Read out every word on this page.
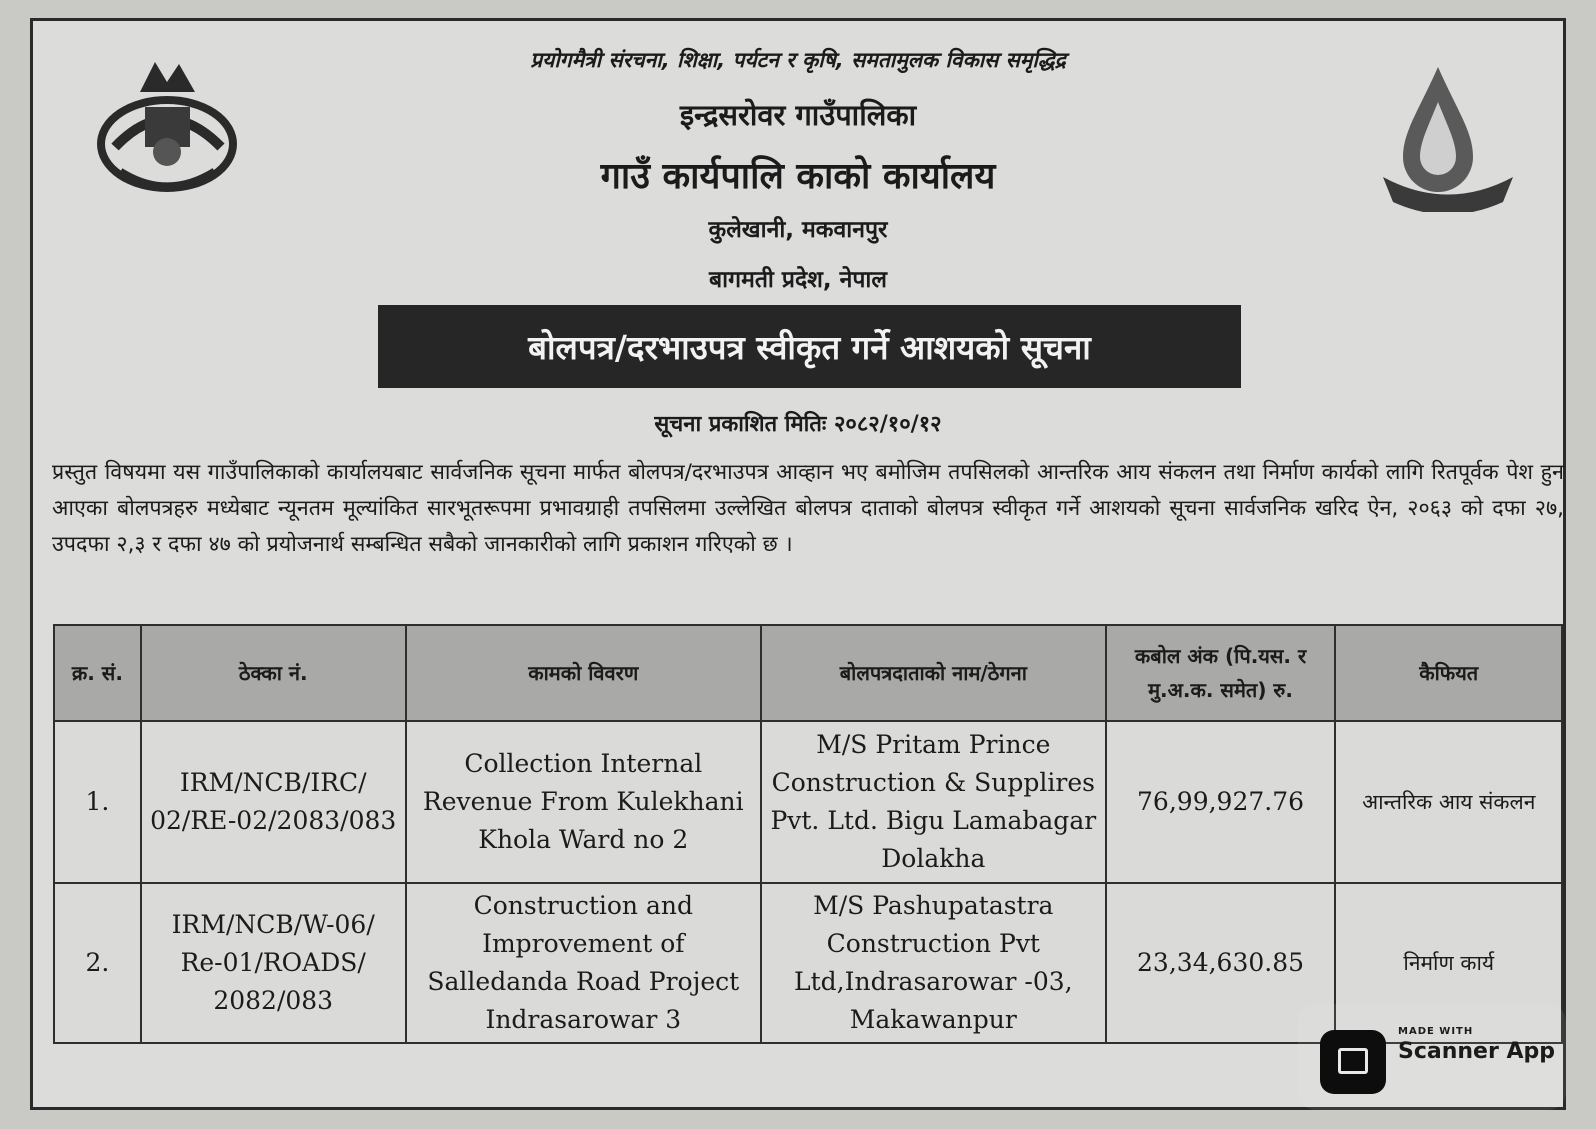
प्रयोगमैत्री संरचना, शिक्षा, पर्यटन र कृषि, समतामुलक विकास समृद्धिद्र
इन्द्रसरोवर गाउँपालिका
गाउँ कार्यपालि काको कार्यालय
कुलेखानी, मकवानपुर
बागमती प्रदेश, नेपाल
बोलपत्र/दरभाउपत्र स्वीकृत गर्ने आशयको सूचना
सूचना प्रकाशित मितिः २०८२/१०/१२
प्रस्तुत विषयमा यस गाउँपालिकाको कार्यालयबाट सार्वजनिक सूचना मार्फत बोलपत्र/दरभाउपत्र आव्हान भए बमोजिम तपसिलको आन्तरिक आय संकलन तथा निर्माण कार्यको लागि रितपूर्वक पेश हुन आएका बोलपत्रहरु मध्येबाट न्यूनतम मूल्यांकित सारभूतरूपमा प्रभावग्राही तपसिलमा उल्लेखित बोलपत्र दाताको बोलपत्र स्वीकृत गर्ने आशयको सूचना सार्वजनिक खरिद ऐन, २०६३ को दफा २७, उपदफा २,३ र दफा ४७ को प्रयोजनार्थ सम्बन्धित सबैको जानकारीको लागि प्रकाशन गरिएको छ ।
क्र. सं.	ठेक्का नं.	कामको विवरण	बोलपत्रदाताको नाम/ठेगना	कबोल अंक (पि.यस. र मु.अ.क. समेत) रु.	कैफियत
1.	IRM/NCB/IRC/ 02/RE-02/2083/083	Collection Internal Revenue From Kulekhani Khola Ward no 2	M/S Pritam Prince Construction & Supplires Pvt. Ltd. Bigu Lamabagar Dolakha	76,99,927.76	आन्तरिक आय संकलन
2.	IRM/NCB/W-06/ Re-01/ROADS/ 2082/083	Construction and Improvement of Salledanda Road Project Indrasarowar 3	M/S Pashupatastra Construction Pvt Ltd,Indrasarowar -03, Makawanpur	23,34,630.85	निर्माण कार्य
MADE WITH
Scanner App
